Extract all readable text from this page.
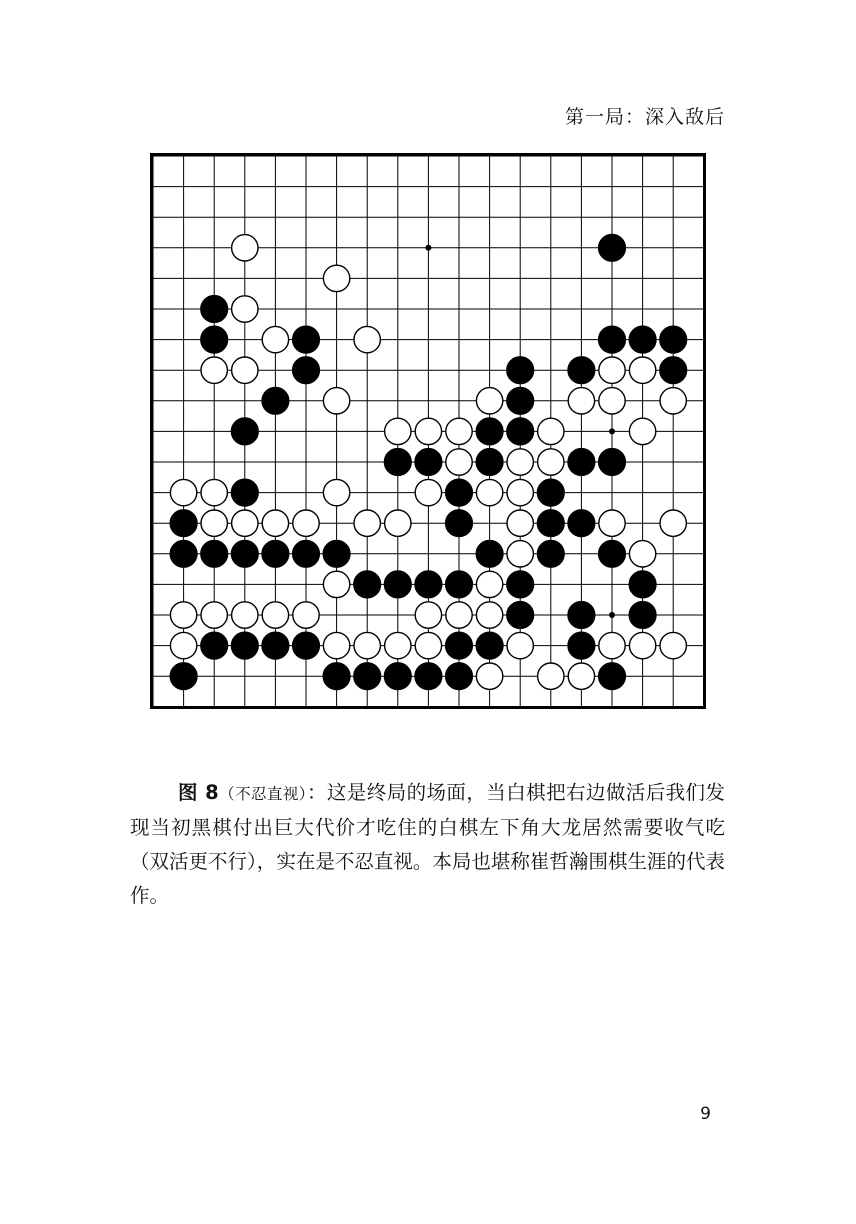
第一局：深入敌后
图 8（不忍直视）：这是终局的场面，当白棋把右边做活后我们发现当初黑棋付出巨大代价才吃住的白棋左下角大龙居然需要收气吃（双活更不行），实在是不忍直视。本局也堪称崔哲瀚围棋生涯的代表作。
9
